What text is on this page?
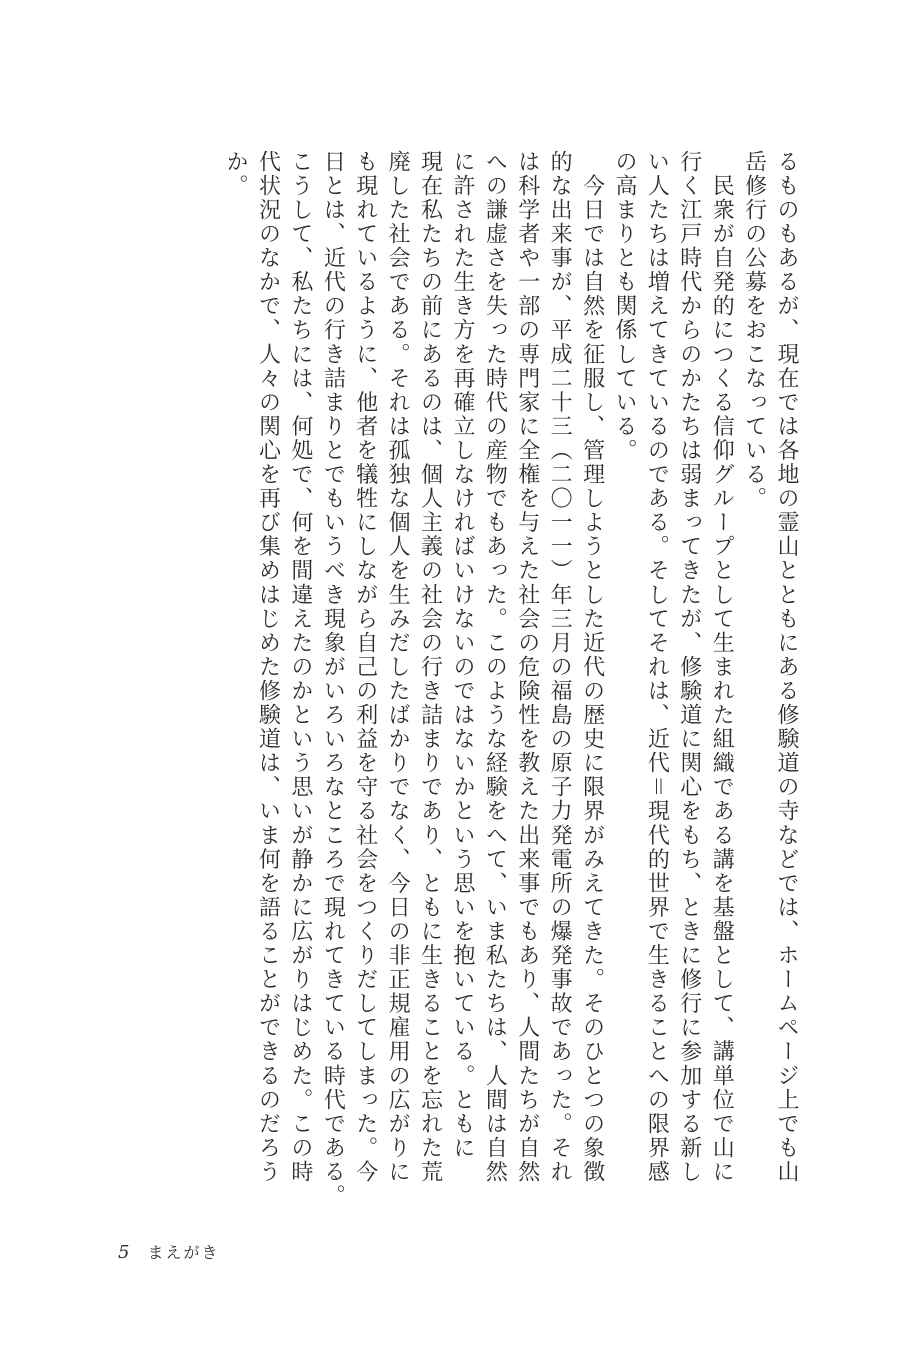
るものもあるが、現在では各地の霊山とともにある修験道の寺などでは、ホームページ上でも山
岳修行の公募をおこなっている。
　民衆が自発的につくる信仰グループとして生まれた組織である講を基盤として、講単位で山に
行く江戸時代からのかたちは弱まってきたが、修験道に関心をもち、ときに修行に参加する新し
い人たちは増えてきているのである。そしてそれは、近代＝現代的世界で生きることへの限界感
の高まりとも関係している。
　今日では自然を征服し、管理しようとした近代の歴史に限界がみえてきた。そのひとつの象徴
的な出来事が、平成二十三（二〇一一）年三月の福島の原子力発電所の爆発事故であった。それ
は科学者や一部の専門家に全権を与えた社会の危険性を教えた出来事でもあり、人間たちが自然
への謙虚さを失った時代の産物でもあった。このような経験をへて、いま私たちは、人間は自然
に許された生き方を再確立しなければいけないのではないかという思いを抱いている。ともに
現在私たちの前にあるのは、個人主義の社会の行き詰まりであり、ともに生きることを忘れた荒
廃した社会である。それは孤独な個人を生みだしたばかりでなく、今日の非正規雇用の広がりに
も現れているように、他者を犠牲にしながら自己の利益を守る社会をつくりだしてしまった。今
日とは、近代の行き詰まりとでもいうべき現象がいろいろなところで現れてきている時代である。
こうして、私たちには、何処で、何を間違えたのかという思いが静かに広がりはじめた。この時
代状況のなかで、人々の関心を再び集めはじめた修験道は、いま何を語ることができるのだろう
か。
5 まえがき
